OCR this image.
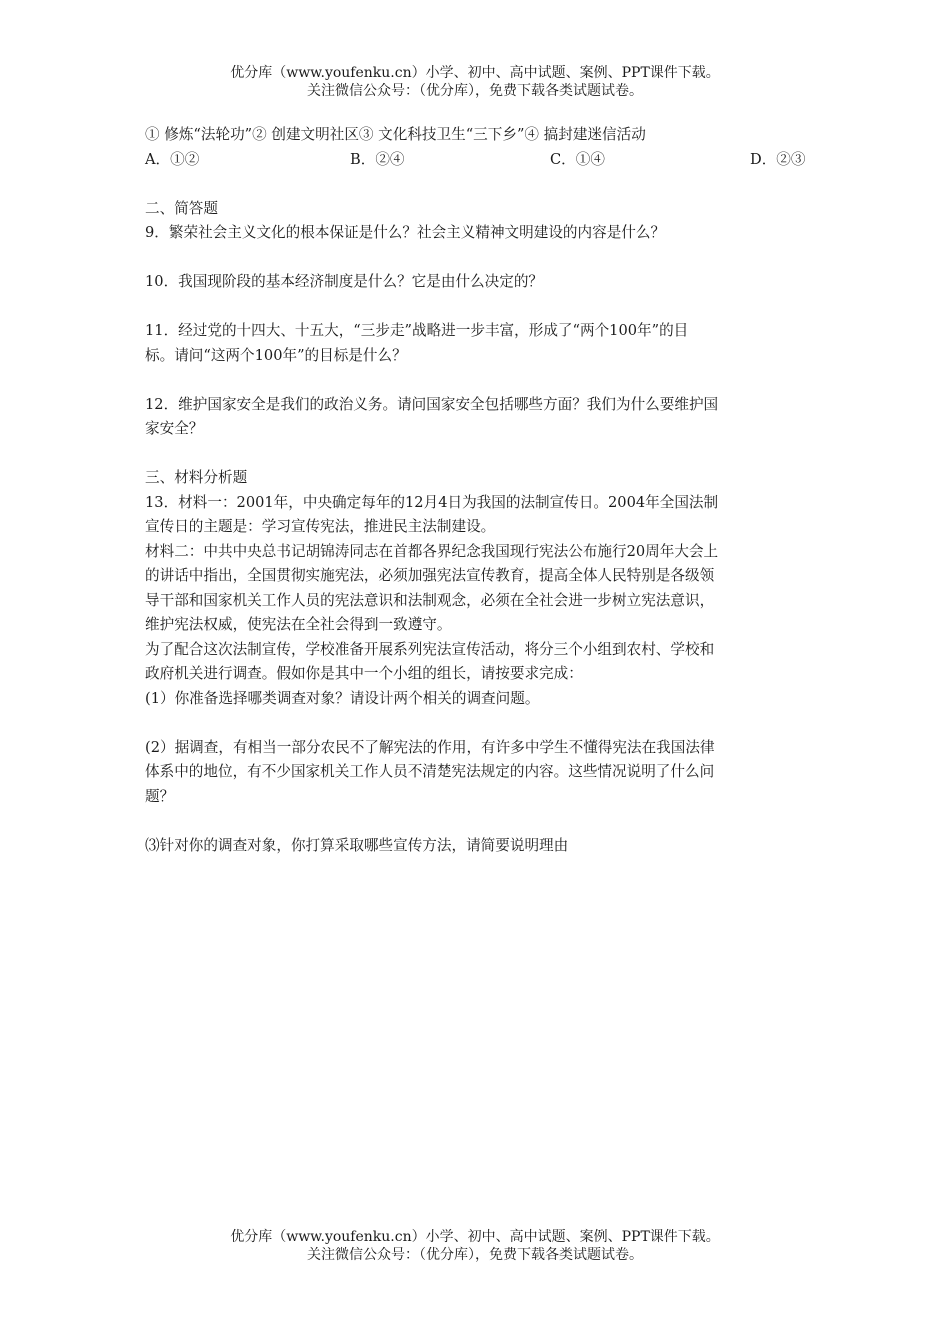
优分库（www.youfenku.cn）小学、初中、高中试题、案例、PPT课件下载。
关注微信公众号：（优分库），免费下载各类试题试卷。
① 修炼“法轮功”② 创建文明社区③ 文化科技卫生“三下乡”④ 搞封建迷信活动
A．①②	B．②④	C．①④	D．②③
二、简答题
9．繁荣社会主义文化的根本保证是什么？社会主义精神文明建设的内容是什么？
10．我国现阶段的基本经济制度是什么？它是由什么决定的？
11．经过党的十四大、十五大，“三步走”战略进一步丰富，形成了“两个100年”的目
标。请问“这两个100年”的目标是什么？
12．维护国家安全是我们的政治义务。请问国家安全包括哪些方面？我们为什么要维护国
家安全？
三、材料分析题
13．材料一：2001年，中央确定每年的12月4日为我国的法制宣传日。2004年全国法制
宣传日的主题是：学习宣传宪法，推进民主法制建设。
材料二：中共中央总书记胡锦涛同志在首都各界纪念我国现行宪法公布施行20周年大会上
的讲话中指出，全国贯彻实施宪法，必须加强宪法宣传教育，提高全体人民特别是各级领
导干部和国家机关工作人员的宪法意识和法制观念，必须在全社会进一步树立宪法意识，
维护宪法权威，使宪法在全社会得到一致遵守。
为了配合这次法制宣传，学校准备开展系列宪法宣传活动，将分三个小组到农村、学校和
政府机关进行调查。假如你是其中一个小组的组长，请按要求完成：
(1）你准备选择哪类调查对象？请设计两个相关的调查问题。
(2）据调查，有相当一部分农民不了解宪法的作用，有许多中学生不懂得宪法在我国法律
体系中的地位，有不少国家机关工作人员不清楚宪法规定的内容。这些情况说明了什么问
题？
⑶针对你的调查对象，你打算采取哪些宣传方法，请简要说明理由
优分库（www.youfenku.cn）小学、初中、高中试题、案例、PPT课件下载。
关注微信公众号：（优分库），免费下载各类试题试卷。
